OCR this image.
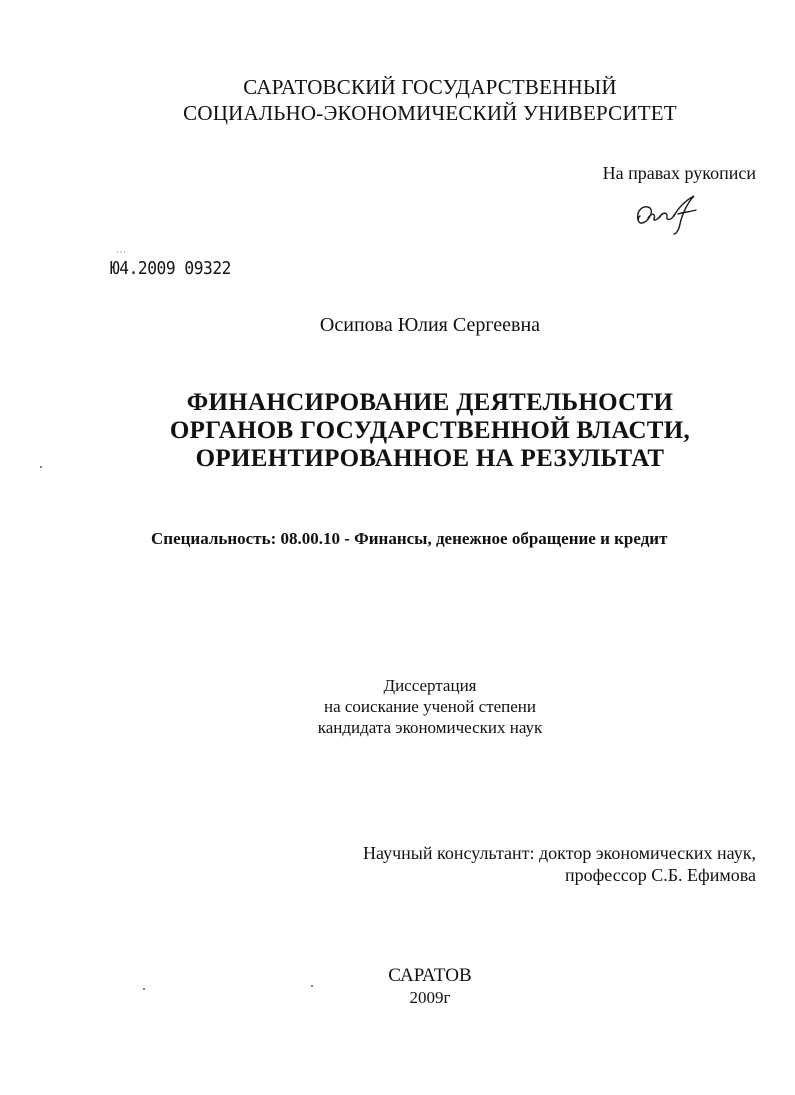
САРАТОВСКИЙ ГОСУДАРСТВЕННЫЙ
СОЦИАЛЬНО-ЭКОНОМИЧЕСКИЙ УНИВЕРСИТЕТ
На правах рукописи
···
Ю4.2009 09322
Осипова Юлия Сергеевна
ФИНАНСИРОВАНИЕ ДЕЯТЕЛЬНОСТИ
ОРГАНОВ ГОСУДАРСТВЕННОЙ ВЛАСТИ,
ОРИЕНТИРОВАННОЕ НА РЕЗУЛЬТАТ
Специальность: 08.00.10 - Финансы, денежное обращение и кредит
Диссертация
на соискание ученой степени
кандидата экономических наук
Научный консультант: доктор экономических наук,
профессор С.Б. Ефимова
САРАТОВ
2009г
